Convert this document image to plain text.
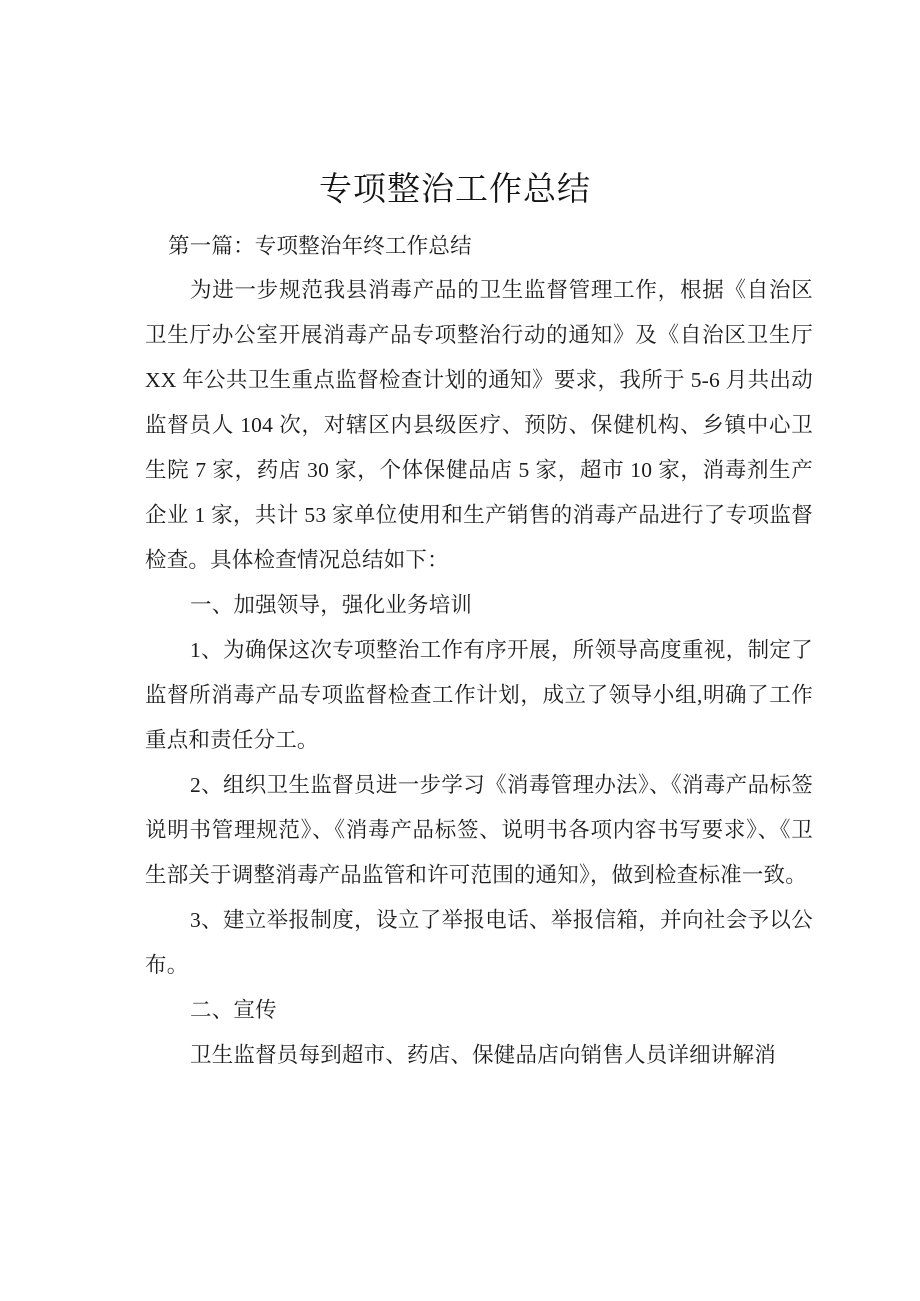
专项整治工作总结

第一篇：专项整治年终工作总结

为进一步规范我县消毒产品的卫生监督管理工作，根据《自治区卫生厅办公室开展消毒产品专项整治行动的通知》及《自治区卫生厅 XX 年公共卫生重点监督检查计划的通知》要求，我所于 5-6 月共出动监督员人 104 次，对辖区内县级医疗、预防、保健机构、乡镇中心卫生院 7 家，药店 30 家，个体保健品店 5 家，超市 10 家，消毒剂生产企业 1 家，共计 53 家单位使用和生产销售的消毒产品进行了专项监督检查。具体检查情况总结如下：

一、加强领导，强化业务培训

1、为确保这次专项整治工作有序开展，所领导高度重视，制定了监督所消毒产品专项监督检查工作计划，成立了领导小组,明确了工作重点和责任分工。

2、组织卫生监督员进一步学习《消毒管理办法》、《消毒产品标签说明书管理规范》、《消毒产品标签、说明书各项内容书写要求》、《卫生部关于调整消毒产品监管和许可范围的通知》，做到检查标准一致。

3、建立举报制度，设立了举报电话、举报信箱，并向社会予以公布。

二、宣传

卫生监督员每到超市、药店、保健品店向销售人员详细讲解消
